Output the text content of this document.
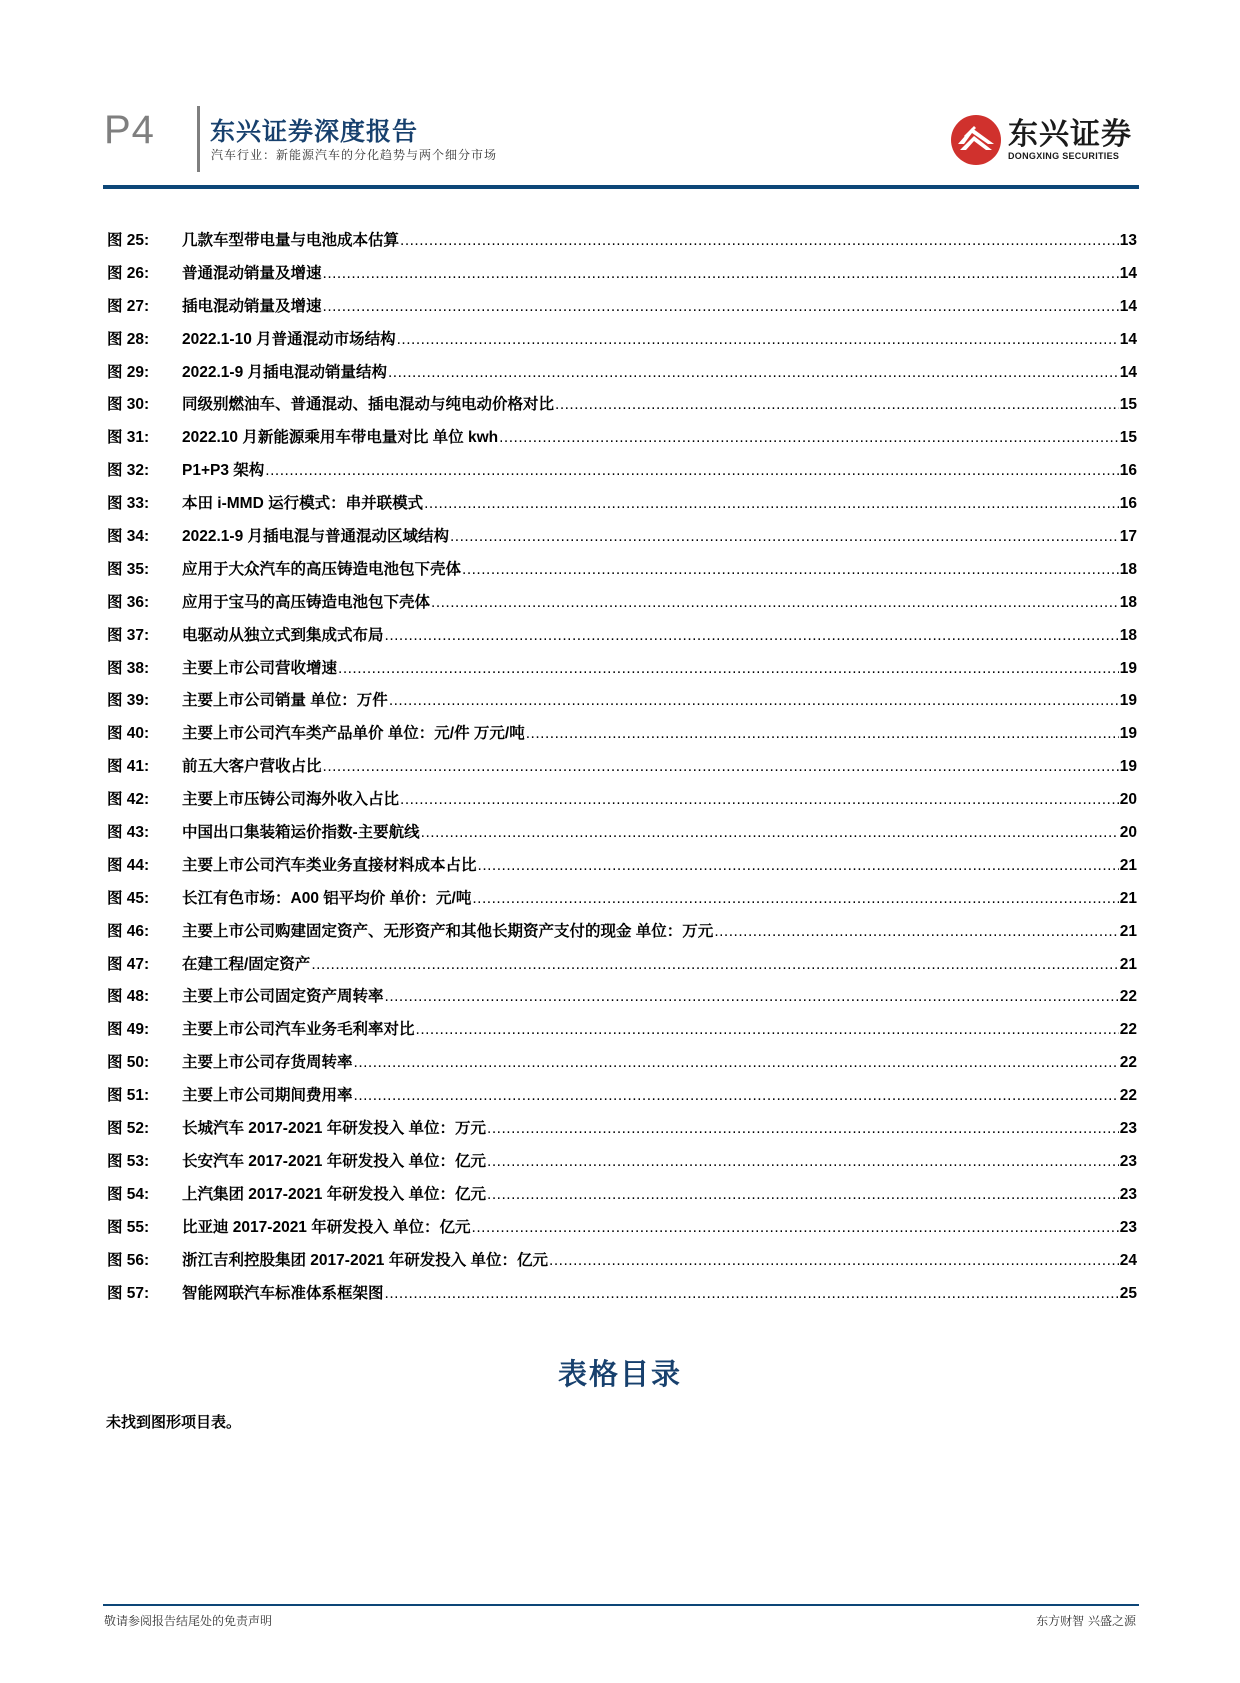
P4 东兴证券深度报告
汽车行业：新能源汽车的分化趋势与两个细分市场
东兴证券
DONGXING SECURITIES
图 25:	几款车型带电量与电池成本估算 .....	13
图 26:	普通混动销量及增速 .....	14
图 27:	插电混动销量及增速 .....	14
图 28:	2022.1-10 月普通混动市场结构 .....	14
图 29:	2022.1-9 月插电混动销量结构 .....	14
图 30:	同级别燃油车、普通混动、插电混动与纯电动价格对比 .....	15
图 31:	2022.10 月新能源乘用车带电量对比 单位 kwh .....	15
图 32:	P1+P3 架构 .....	16
图 33:	本田 i-MMD 运行模式：串并联模式 .....	16
图 34:	2022.1-9 月插电混与普通混动区域结构 .....	17
图 35:	应用于大众汽车的高压铸造电池包下壳体 .....	18
图 36:	应用于宝马的高压铸造电池包下壳体 .....	18
图 37:	电驱动从独立式到集成式布局 .....	18
图 38:	主要上市公司营收增速 .....	19
图 39:	主要上市公司销量 单位：万件 .....	19
图 40:	主要上市公司汽车类产品单价 单位：元/件 万元/吨 .....	19
图 41:	前五大客户营收占比 .....	19
图 42:	主要上市压铸公司海外收入占比 .....	20
图 43:	中国出口集装箱运价指数-主要航线 .....	20
图 44:	主要上市公司汽车类业务直接材料成本占比 .....	21
图 45:	长江有色市场：A00 铝平均价 单价：元/吨 .....	21
图 46:	主要上市公司购建固定资产、无形资产和其他长期资产支付的现金 单位：万元 .....	21
图 47:	在建工程/固定资产 .....	21
图 48:	主要上市公司固定资产周转率 .....	22
图 49:	主要上市公司汽车业务毛利率对比 .....	22
图 50:	主要上市公司存货周转率 .....	22
图 51:	主要上市公司期间费用率 .....	22
图 52:	长城汽车 2017-2021 年研发投入 单位：万元 .....	23
图 53:	长安汽车 2017-2021 年研发投入 单位：亿元 .....	23
图 54:	上汽集团 2017-2021 年研发投入 单位：亿元 .....	23
图 55:	比亚迪 2017-2021 年研发投入 单位：亿元 .....	23
图 56:	浙江吉利控股集团 2017-2021 年研发投入 单位：亿元 .....	24
图 57:	智能网联汽车标准体系框架图 .....	25
表格目录
未找到图形项目表。
敬请参阅报告结尾处的免责声明	东方财智 兴盛之源
